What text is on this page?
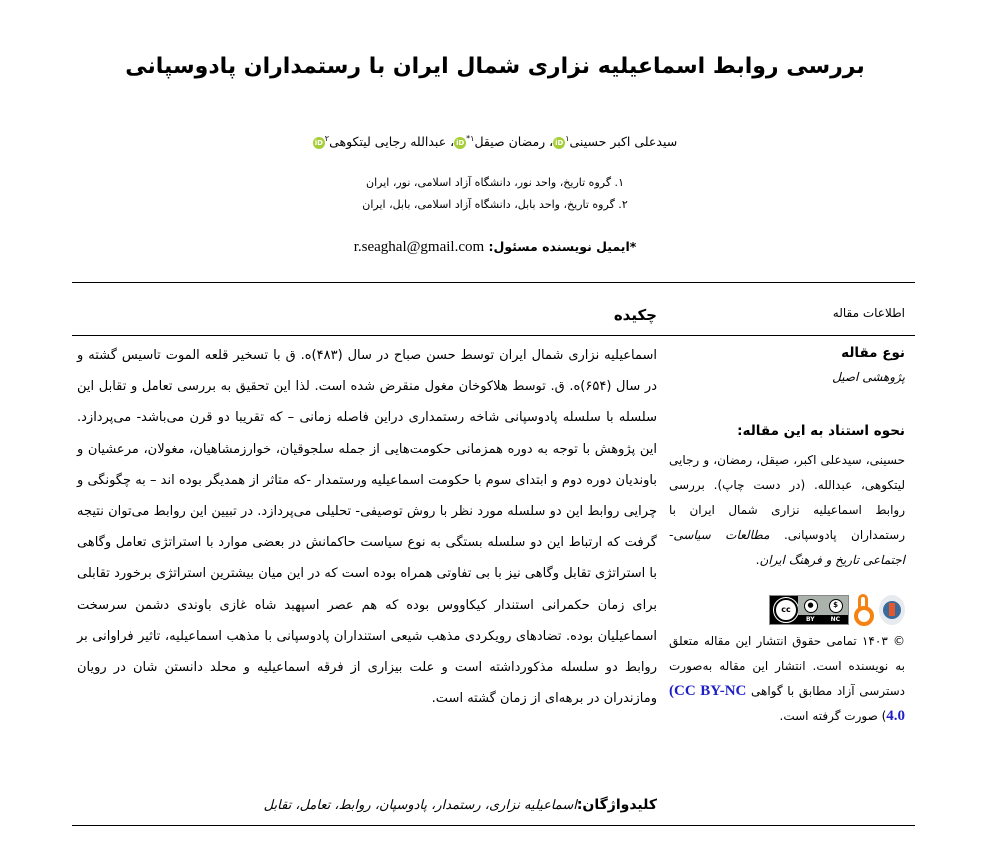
بررسی روابط اسماعیلیه نزاری شمال ایران با رستمداران پادوسپانی
سیدعلی اکبر حسینی$^۱$iD، رمضان صیقل$^{۱*}$iD، عبدالله رجایی لیتکوهی$^۲$iD
۱. گروه تاریخ، واحد نور، دانشگاه آزاد اسلامی، نور، ایران
۲. گروه تاریخ، واحد بابل، دانشگاه آزاد اسلامی، بابل، ایران
*ایمیل نویسنده مسئول: r.seaghal@gmail.com
اطلاعات مقاله
چکیده
نوع مقاله
پژوهشی اصیل
نحوه استناد به این مقاله:
حسینی، سیدعلی اکبر، صیقل، رمضان، و رجایی لیتکوهی، عبدالله. (در دست چاپ). بررسی روابط اسماعیلیه نزاری شمال ایران با رستمداران پادوسپانی. مطالعات سیاسی-اجتماعی تاریخ و فرهنگ ایران.
cc
●	$
BY	NC
© ۱۴۰۳ تمامی حقوق انتشار این مقاله متعلق به نویسنده است. انتشار این مقاله به‌صورت دسترسی آزاد مطابق با گواهی (CC BY-NC 4.0) صورت گرفته است.
اسماعیلیه نزاری شمال ایران توسط حسن صباح در سال (۴۸۳)ه. ق با تسخیر قلعه الموت تاسیس گشته و در سال (۶۵۴)ه. ق. توسط هلاکوخان مغول منقرض شده است. لذا این تحقیق به بررسی تعامل و تقابل این سلسله با سلسله پادوسپانی شاخه رستمداری دراین فاصله زمانی – که تقریبا دو قرن می‌باشد- می‌پردازد. این پژوهش با توجه به دوره همزمانی حکومت‌هایی از جمله سلجوقیان، خوارزمشاهیان، مغولان، مرعشیان و باوندیان دوره دوم و ابتدای سوم با حکومت اسماعیلیه ورستمدار -که متاثر از همدیگر بوده اند – به چگونگی و چرایی روابط این دو سلسله مورد نظر با روش توصیفی- تحلیلی می‌پردازد. در تبیین این روابط می‌توان نتیجه گرفت که ارتباط این دو سلسله بستگی به نوع سیاست حاکمانش در بعضی موارد با استراتژی تعامل وگاهی با استراتژی تقابل وگاهی نیز با بی تفاوتی همراه بوده است که در این میان بیشترین استراتژی برخورد تقابلی برای زمان حکمرانی استندار کیکاووس بوده که هم عصر اسپهبد شاه غازی باوندی دشمن سرسخت اسماعیلیان بوده. تضادهای رویکردی مذهب شیعی استنداران پادوسپانی با مذهب اسماعیلیه، تاثیر فراوانی بر روابط دو سلسله مذکورداشته است و علت بیزاری از فرقه اسماعیلیه و محلد دانستن شان در رویان ومازندران در برهه‌ای از زمان گشته است.
کلیدواژگان:اسماعیلیه نزاری، رستمدار، پادوسپان، روابط، تعامل، تقابل
